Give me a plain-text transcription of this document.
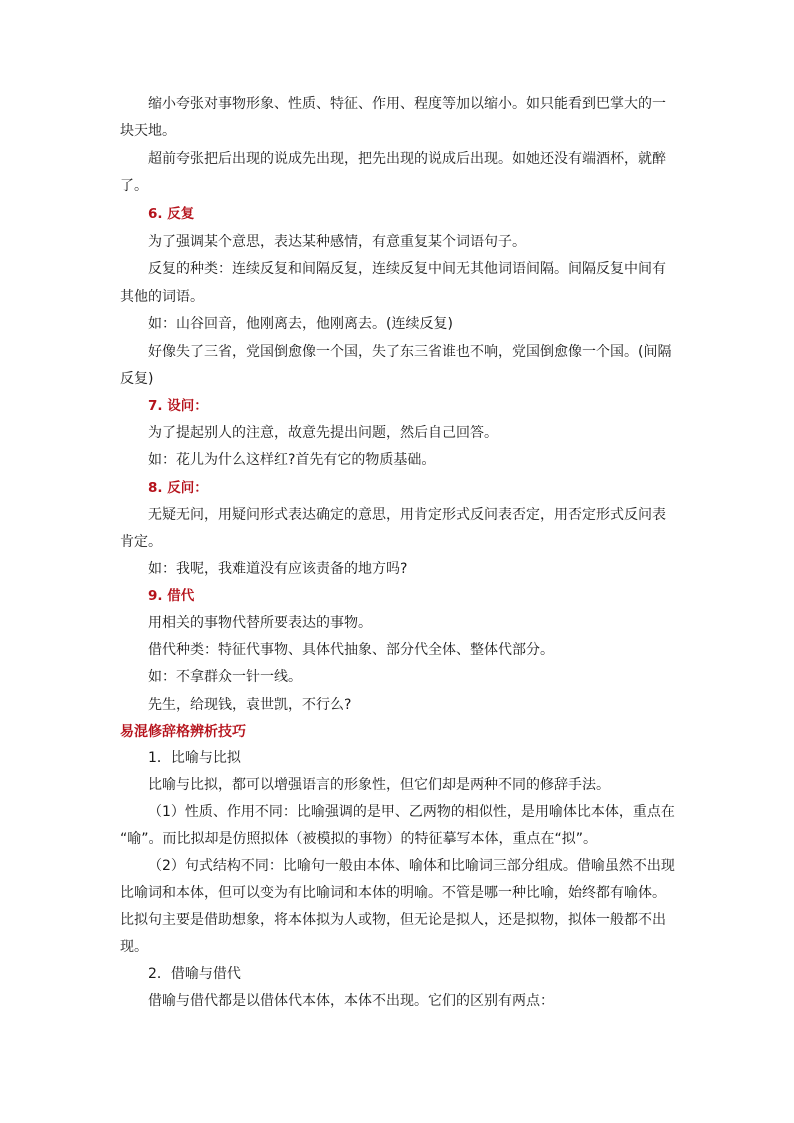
缩小夸张对事物形象、性质、特征、作用、程度等加以缩小。如只能看到巴掌大的一
块天地。
超前夸张把后出现的说成先出现，把先出现的说成后出现。如她还没有端酒杯，就醉
了。
6. 反复
为了强调某个意思，表达某种感情，有意重复某个词语句子。
反复的种类：连续反复和间隔反复，连续反复中间无其他词语间隔。间隔反复中间有
其他的词语。
如：山谷回音，他刚离去，他刚离去。(连续反复)
好像失了三省，党国倒愈像一个国，失了东三省谁也不响，党国倒愈像一个国。(间隔
反复)
7. 设问：
为了提起别人的注意，故意先提出问题，然后自己回答。
如：花儿为什么这样红?首先有它的物质基础。
8. 反问：
无疑无问，用疑问形式表达确定的意思，用肯定形式反问表否定，用否定形式反问表
肯定。
如：我呢，我难道没有应该责备的地方吗?
9. 借代
用相关的事物代替所要表达的事物。
借代种类：特征代事物、具体代抽象、部分代全体、整体代部分。
如：不拿群众一针一线。
先生，给现钱，袁世凯，不行么?
易混修辞格辨析技巧
1．比喻与比拟
比喻与比拟，都可以增强语言的形象性，但它们却是两种不同的修辞手法。
（1）性质、作用不同：比喻强调的是甲、乙两物的相似性，是用喻体比本体，重点在
“喻”。而比拟却是仿照拟体（被模拟的事物）的特征摹写本体，重点在“拟”。
（2）句式结构不同：比喻句一般由本体、喻体和比喻词三部分组成。借喻虽然不出现
比喻词和本体，但可以变为有比喻词和本体的明喻。不管是哪一种比喻，始终都有喻体。
比拟句主要是借助想象，将本体拟为人或物，但无论是拟人，还是拟物，拟体一般都不出
现。
2．借喻与借代
借喻与借代都是以借体代本体，本体不出现。它们的区别有两点：
